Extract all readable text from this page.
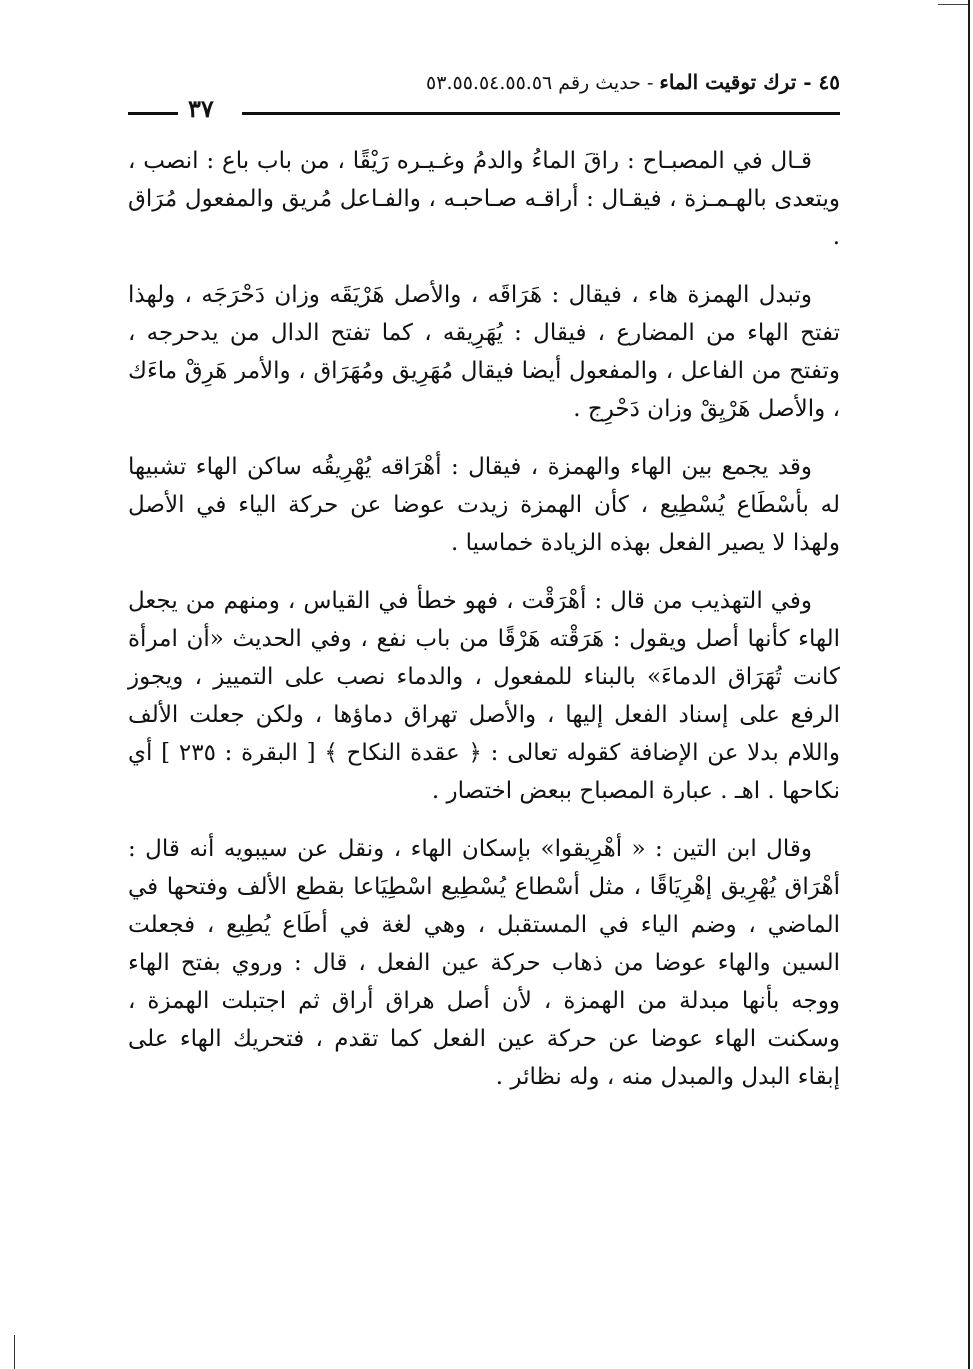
٤٥ - ترك توقيت الماء - حديث رقم ٥٣.٥٥.٥٤.٥٥.٥٦
٣٧

قـال في المصبـاح : راقَ الماءُ والدمُ وغـيـره رَيْقًا ، من باب باع : انصب ، ويتعدى بالهـمـزة ، فيقـال : أراقـه صـاحبـه ، والفـاعل مُريق والمفعول مُرَاق .

وتبدل الهمزة هاء ، فيقال : هَرَاقَه ، والأصل هَرْيَقَه وزان دَحْرَجَه ، ولهذا تفتح الهاء من المضارع ، فيقال : يُهَرِيقه ، كما تفتح الدال من يدحرجه ، وتفتح من الفاعل ، والمفعول أيضا فيقال مُهَرِيق ومُهَرَاق ، والأمر هَرِقْ ماءَك ، والأصل هَرْيِقْ وزان دَحْرِج .

وقد يجمع بين الهاء والهمزة ، فيقال : أهْرَاقه يُهْرِيقُه ساكن الهاء تشبيها له بأسْطَاع يُسْطِيع ، كأن الهمزة زيدت عوضا عن حركة الياء في الأصل ولهذا لا يصير الفعل بهذه الزيادة خماسيا .

وفي التهذيب من قال : أهْرَقْت ، فهو خطأ في القياس ، ومنهم من يجعل الهاء كأنها أصل ويقول : هَرَقْته هَرْقًا من باب نفع ، وفي الحديث «أن امرأة كانت تُهَرَاق الدماءَ» بالبناء للمفعول ، والدماء نصب على التمييز ، ويجوز الرفع على إسناد الفعل إليها ، والأصل تهراق دماؤها ، ولكن جعلت الألف واللام بدلا عن الإضافة كقوله تعالى : ﴿ عقدة النكاح ﴾ [ البقرة : ٢٣٥ ] أي نكاحها . اهـ . عبارة المصباح ببعض اختصار .

وقال ابن التين : « أهْرِيقوا» بإسكان الهاء ، ونقل عن سيبويه أنه قال : أهْرَاق يُهْرِيق إهْرِيَاقًا ، مثل أسْطاع يُسْطِيع اسْطِيَاعا بقطع الألف وفتحها في الماضي ، وضم الياء في المستقبل ، وهي لغة في أطَاع يُطِيع ، فجعلت السين والهاء عوضا من ذهاب حركة عين الفعل ، قال : وروي بفتح الهاء ووجه بأنها مبدلة من الهمزة ، لأن أصل هراق أراق ثم اجتبلت الهمزة ، وسكنت الهاء عوضا عن حركة عين الفعل كما تقدم ، فتحريك الهاء على إبقاء البدل والمبدل منه ، وله نظائر .
